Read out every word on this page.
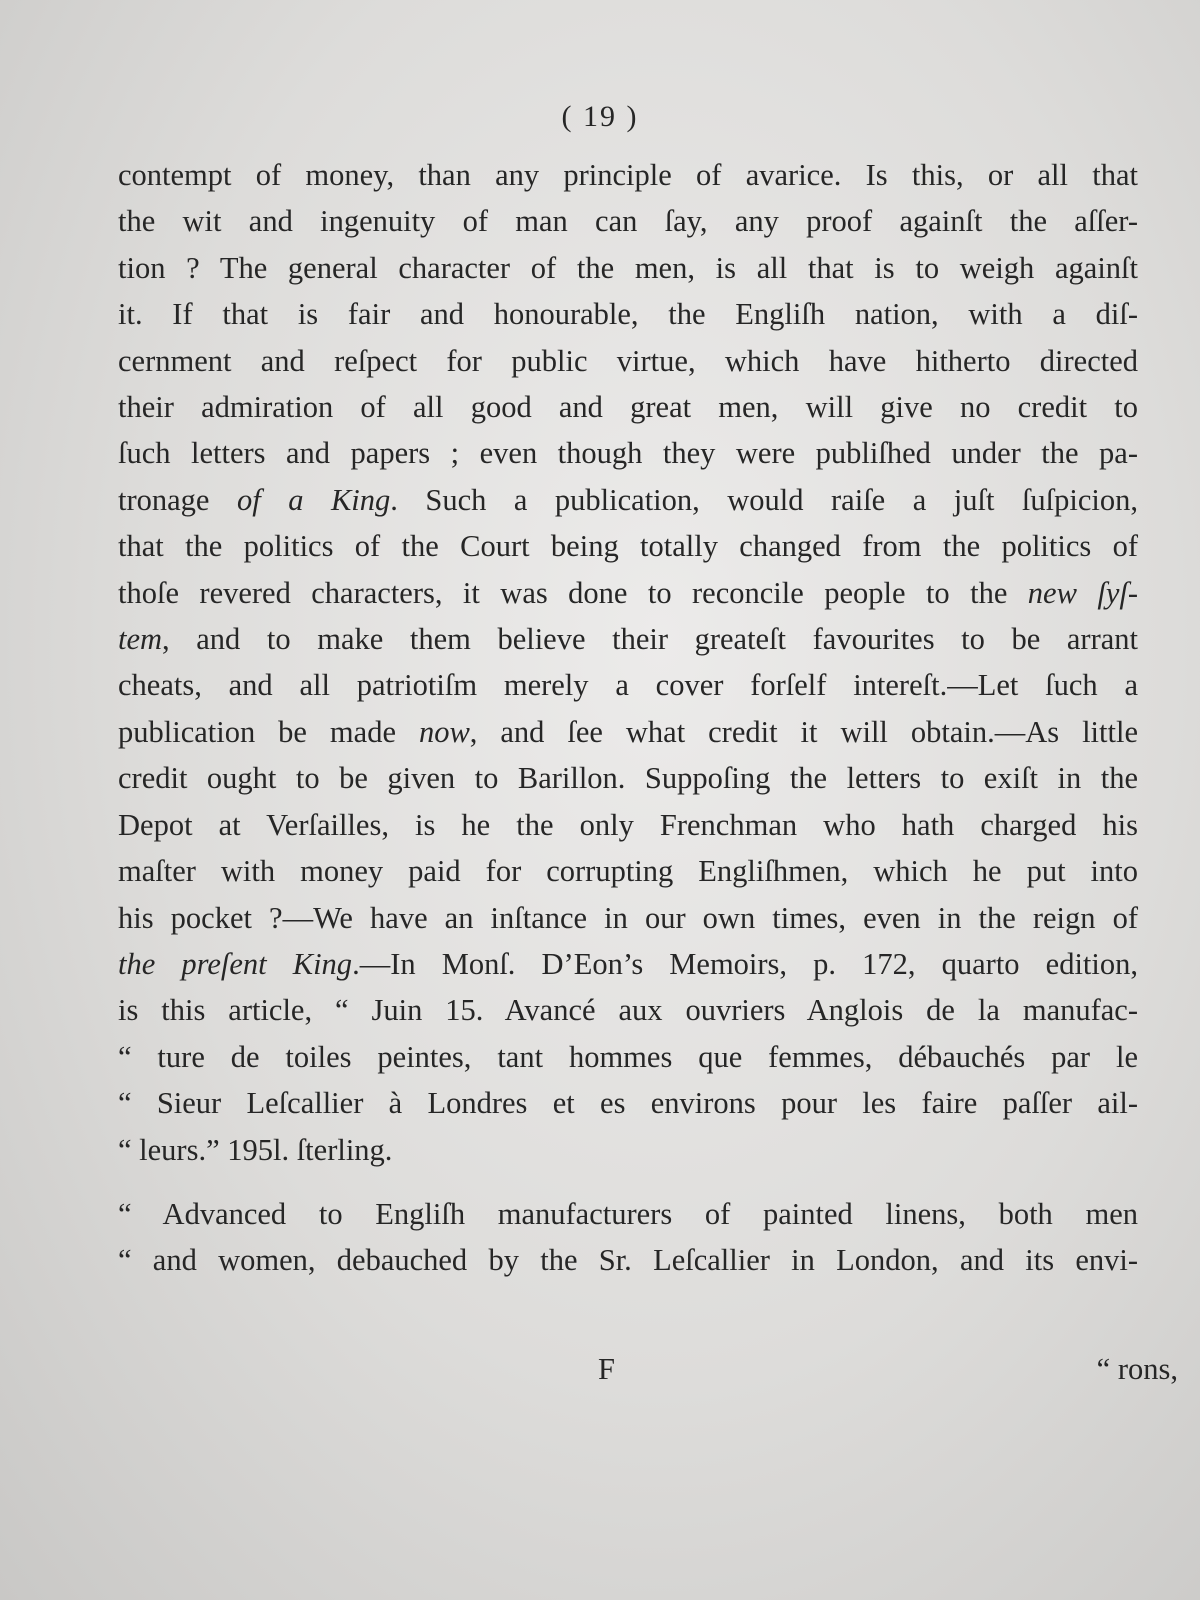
( 19 )
contempt of money, than any principle of avarice. Is this, or all that
the wit and ingenuity of man can ſay, any proof againſt the aſſer-
tion ? The general character of the men, is all that is to weigh againſt
it. If that is fair and honourable, the Engliſh nation, with a diſ-
cernment and reſpect for public virtue, which have hitherto directed
their admiration of all good and great men, will give no credit to
ſuch letters and papers ; even though they were publiſhed under the pa-
tronage of a King. Such a publication, would raiſe a juſt ſuſpicion,
that the politics of the Court being totally changed from the politics of
thoſe revered characters, it was done to reconcile people to the new ſyſ-
tem, and to make them believe their greateſt favourites to be arrant
cheats, and all patriotiſm merely a cover forſelf intereſt.—Let ſuch a
publication be made now, and ſee what credit it will obtain.—As little
credit ought to be given to Barillon. Suppoſing the letters to exiſt in the
Depot at Verſailles, is he the only Frenchman who hath charged his
maſter with money paid for corrupting Engliſhmen, which he put into
his pocket ?—We have an inſtance in our own times, even in the reign of
the preſent King.—In Monſ. D’Eon’s Memoirs, p. 172, quarto edition,
is this article, “ Juin 15. Avancé aux ouvriers Anglois de la manufac-
“ ture de toiles peintes, tant hommes que femmes, débauchés par le
“ Sieur Leſcallier à Londres et es environs pour les faire paſſer ail-
“ leurs.” 195l. ſterling.
“ Advanced to Engliſh manufacturers of painted linens, both men
“ and women, debauched by the Sr. Leſcallier in London, and its envi-
F	“ rons,
